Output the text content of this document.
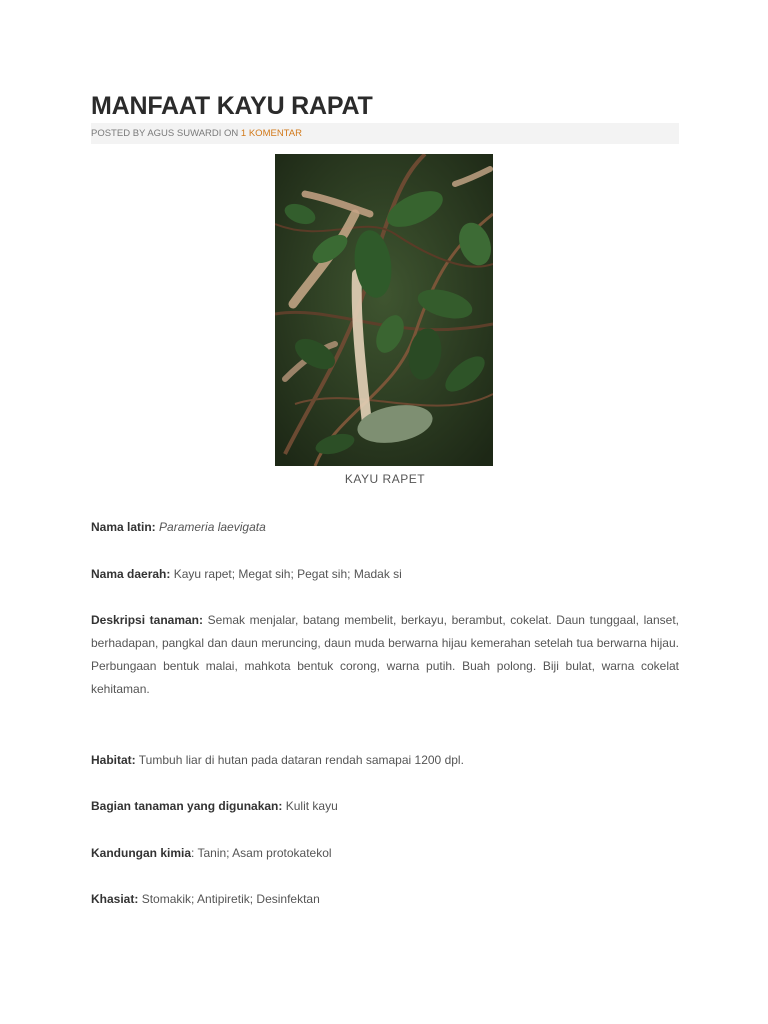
MANFAAT KAYU RAPAT
POSTED BY AGUS SUWARDI ON 1 KOMENTAR
KAYU RAPET

Nama latin: Parameria laevigata

Nama daerah: Kayu rapet; Megat sih; Pegat sih; Madak si

Deskripsi tanaman: Semak menjalar, batang membelit, berkayu, berambut, cokelat. Daun tunggaal, lanset, berhadapan, pangkal dan daun meruncing, daun muda berwarna hijau kemerahan setelah tua berwarna hijau. Perbungaan bentuk malai, mahkota bentuk corong, warna putih. Buah polong. Biji bulat, warna cokelat kehitaman.

Habitat: Tumbuh liar di hutan pada dataran rendah samapai 1200 dpl.

Bagian tanaman yang digunakan: Kulit kayu

Kandungan kimia: Tanin; Asam protokatekol

Khasiat: Stomakik; Antipiretik; Desinfektan
